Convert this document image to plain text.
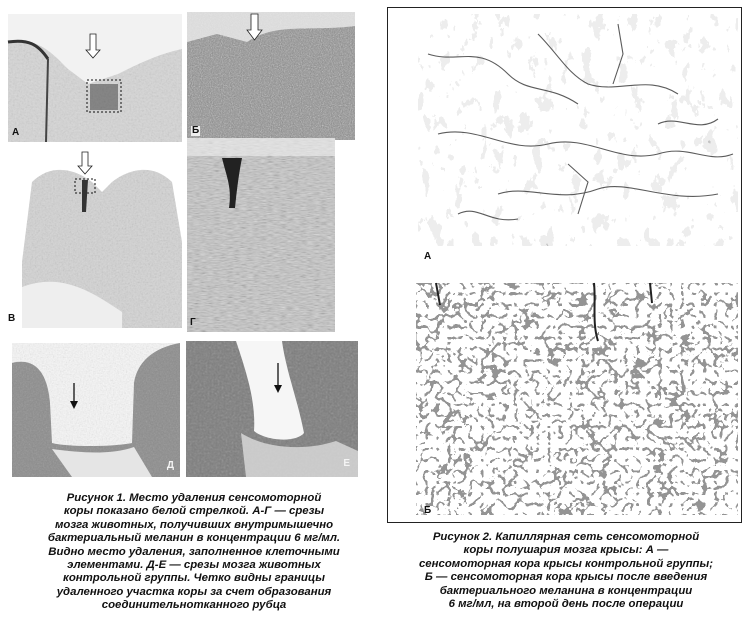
А	Б
В	Г
Д	Е
Рисунок 1. Место удаления сенсомоторной
коры показано белой стрелкой. А-Г — срезы
мозга животных, получивших внутримышечно
бактериальный меланин в концентрации 6 мг/мл.
Видно место удаления, заполненное клеточными
элементами. Д-Е — срезы мозга животных
контрольной группы. Четко видны границы
удаленного участка коры за счет образования
соединительнотканного рубца
А
Б
Рисунок 2. Капиллярная сеть сенсомоторной
коры полушария мозга крысы: А —
сенсомоторная кора крысы контрольной группы;
Б — сенсомоторная кора крысы после введения
бактериального меланина в концентрации
6 мг/мл, на второй день после операции
